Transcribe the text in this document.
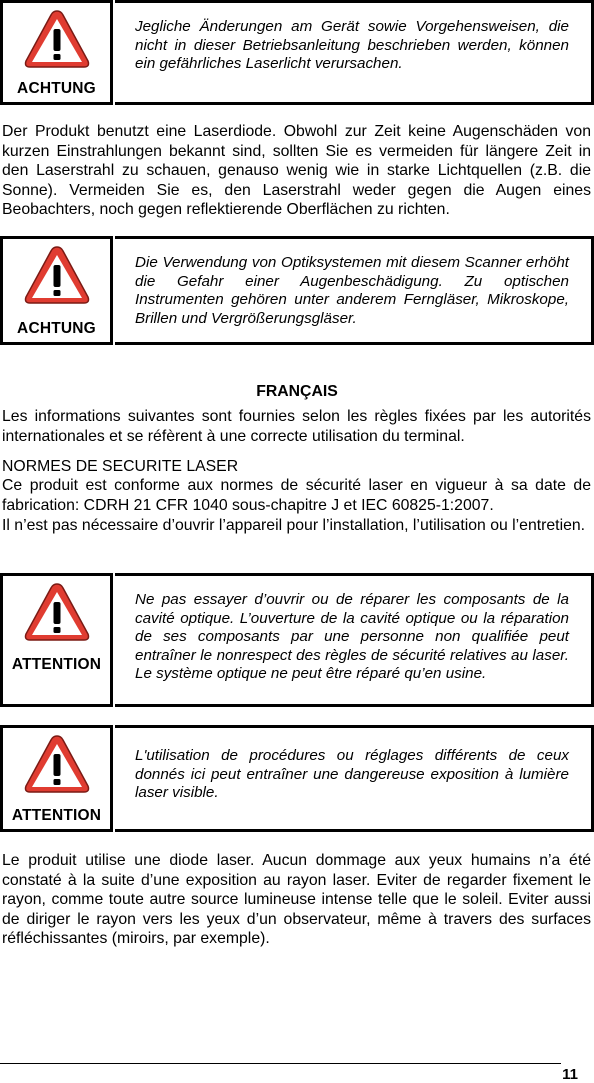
ACHTUNG

Jegliche Änderungen am Gerät sowie Vorgehensweisen, die nicht in dieser Betriebsanleitung beschrieben werden, können ein gefährliches Laserlicht verursachen.

Der Produkt benutzt eine Laserdiode. Obwohl zur Zeit keine Augenschäden von kurzen Einstrahlungen bekannt sind, sollten Sie es vermeiden für längere Zeit in den Laserstrahl zu schauen, genauso wenig wie in starke Lichtquellen (z.B. die Sonne). Vermeiden Sie es, den Laserstrahl weder gegen die Augen eines Beobachters, noch gegen reflektierende Oberflächen zu richten.

ACHTUNG

Die Verwendung von Optiksystemen mit diesem Scanner erhöht die Gefahr einer Augenbeschädigung. Zu optischen Instrumenten gehören unter anderem Ferngläser, Mikroskope, Brillen und Vergrößerungsgläser.

FRANÇAIS

Les informations suivantes sont fournies selon les règles fixées par les autorités internationales et se réfèrent à une correcte utilisation du terminal.

NORMES DE SECURITE LASER

Ce produit est conforme aux normes de sécurité laser en vigueur à sa date de fabrication: CDRH 21 CFR 1040 sous-chapitre J et IEC 60825-1:2007.

Il n’est pas nécessaire d’ouvrir l’appareil pour l’installation, l’utilisation ou l’entretien.

ATTENTION

Ne pas essayer d’ouvrir ou de réparer les composants de la cavité optique. L’ouverture de la cavité optique ou la réparation de ses composants par une personne non qualifiée peut entraîner le nonrespect des règles de sécurité relatives au laser. Le système optique ne peut être réparé qu’en usine.

ATTENTION

L'utilisation de procédures ou réglages différents de ceux donnés ici peut entraîner une dangereuse exposition à lumière laser visible.

Le produit utilise une diode laser. Aucun dommage aux yeux humains n’a été constaté à la suite d’une exposition au rayon laser. Eviter de regarder fixement le rayon, comme toute autre source lumineuse intense telle que le soleil. Eviter aussi de diriger le rayon vers les yeux d’un observateur, même à travers des surfaces réfléchissantes (miroirs, par exemple).

11
